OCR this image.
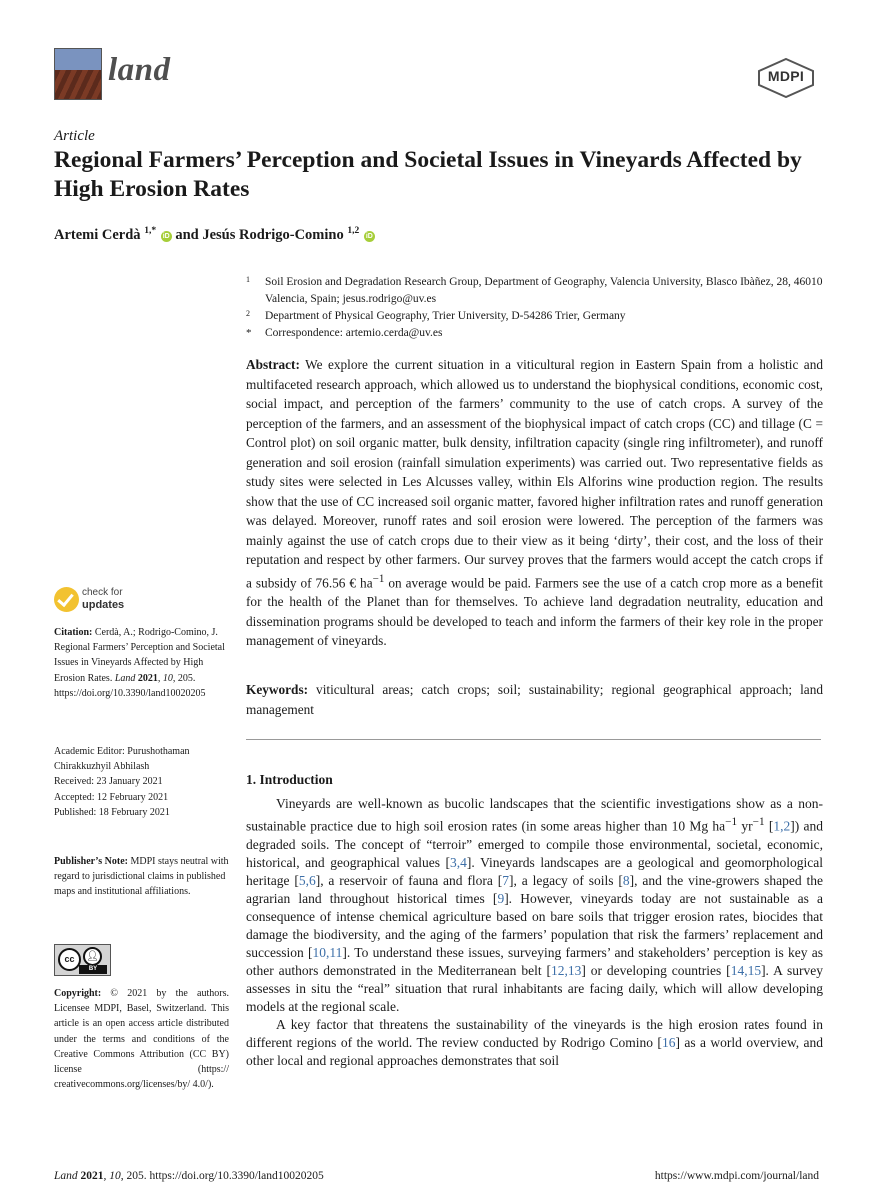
land	MDPI
Article
Regional Farmers’ Perception and Societal Issues in Vineyards Affected by High Erosion Rates
Artemi Cerdà $^{1,*}$ iD and Jesús Rodrigo-Comino $^{1,2}$ iD
1 Soil Erosion and Degradation Research Group, Department of Geography, Valencia University, Blasco Ibàñez, 28, 46010 Valencia, Spain; jesus.rodrigo@uv.es
2 Department of Physical Geography, Trier University, D-54286 Trier, Germany
* Correspondence: artemio.cerda@uv.es
Abstract: We explore the current situation in a viticultural region in Eastern Spain from a holistic and multifaceted research approach, which allowed us to understand the biophysical conditions, economic cost, social impact, and perception of the farmers’ community to the use of catch crops. A survey of the perception of the farmers, and an assessment of the biophysical impact of catch crops (CC) and tillage (C = Control plot) on soil organic matter, bulk density, infiltration capacity (single ring infiltrometer), and runoff generation and soil erosion (rainfall simulation experiments) was carried out. Two representative fields as study sites were selected in Les Alcusses valley, within Els Alforins wine production region. The results show that the use of CC increased soil organic matter, favored higher infiltration rates and runoff generation was delayed. Moreover, runoff rates and soil erosion were lowered. The perception of the farmers was mainly against the use of catch crops due to their view as it being ‘dirty’, their cost, and the loss of their reputation and respect by other farmers. Our survey proves that the farmers would accept the catch crops if a subsidy of 76.56 € $ha^{-1}$ on average would be paid. Farmers see the use of a catch crop more as a benefit for the health of the Planet than for themselves. To achieve land degradation neutrality, education and dissemination programs should be developed to teach and inform the farmers of their key role in the proper management of vineyards.
Keywords: viticultural areas; catch crops; soil; sustainability; regional geographical approach; land management
1. Introduction

Vineyards are well-known as bucolic landscapes that the scientific investigations show as a non-sustainable practice due to high soil erosion rates (in some areas higher than 10 Mg $ha^{-1}$ $yr^{-1}$ [1,2]) and degraded soils. The concept of “terroir” emerged to compile those environmental, societal, economic, historical, and geographical values [3,4]. Vineyards landscapes are a geological and geomorphological heritage [5,6], a reservoir of fauna and flora [7], a legacy of soils [8], and the vine-growers shaped the agrarian land throughout historical times [9]. However, vineyards today are not sustainable as a consequence of intense chemical agriculture based on bare soils that trigger erosion rates, biocides that damage the biodiversity, and the aging of the farmers’ population that risk the farmers’ replacement and succession [10,11]. To understand these issues, surveying farmers’ and stakeholders’ perception is key as other authors demonstrated in the Mediterranean belt [12,13] or developing countries [14,15]. A survey assesses in situ the “real” situation that rural inhabitants are facing daily, which will allow developing models at the regional scale.

A key factor that threatens the sustainability of the vineyards is the high erosion rates found in different regions of the world. The review conducted by Rodrigo Comino [16] as a world overview, and other local and regional approaches demonstrates that soil

check for
updates
Citation: Cerdà, A.; Rodrigo-Comino, J. Regional Farmers’ Perception and Societal Issues in Vineyards Affected by High Erosion Rates. Land 2021, 10, 205. https://doi.org/10.3390/land10020205
Academic Editor: Purushothaman Chirakkuzhyil Abhilash
Received: 23 January 2021
Accepted: 12 February 2021
Published: 18 February 2021
Publisher’s Note: MDPI stays neutral with regard to jurisdictional claims in published maps and institutional affiliations.
cc	👤︎
BY
Copyright: © 2021 by the authors. Licensee MDPI, Basel, Switzerland. This article is an open access article distributed under the terms and conditions of the Creative Commons Attribution (CC BY) license (https:// creativecommons.org/licenses/by/ 4.0/).
Land 2021, 10, 205. https://doi.org/10.3390/land10020205	https://www.mdpi.com/journal/land
